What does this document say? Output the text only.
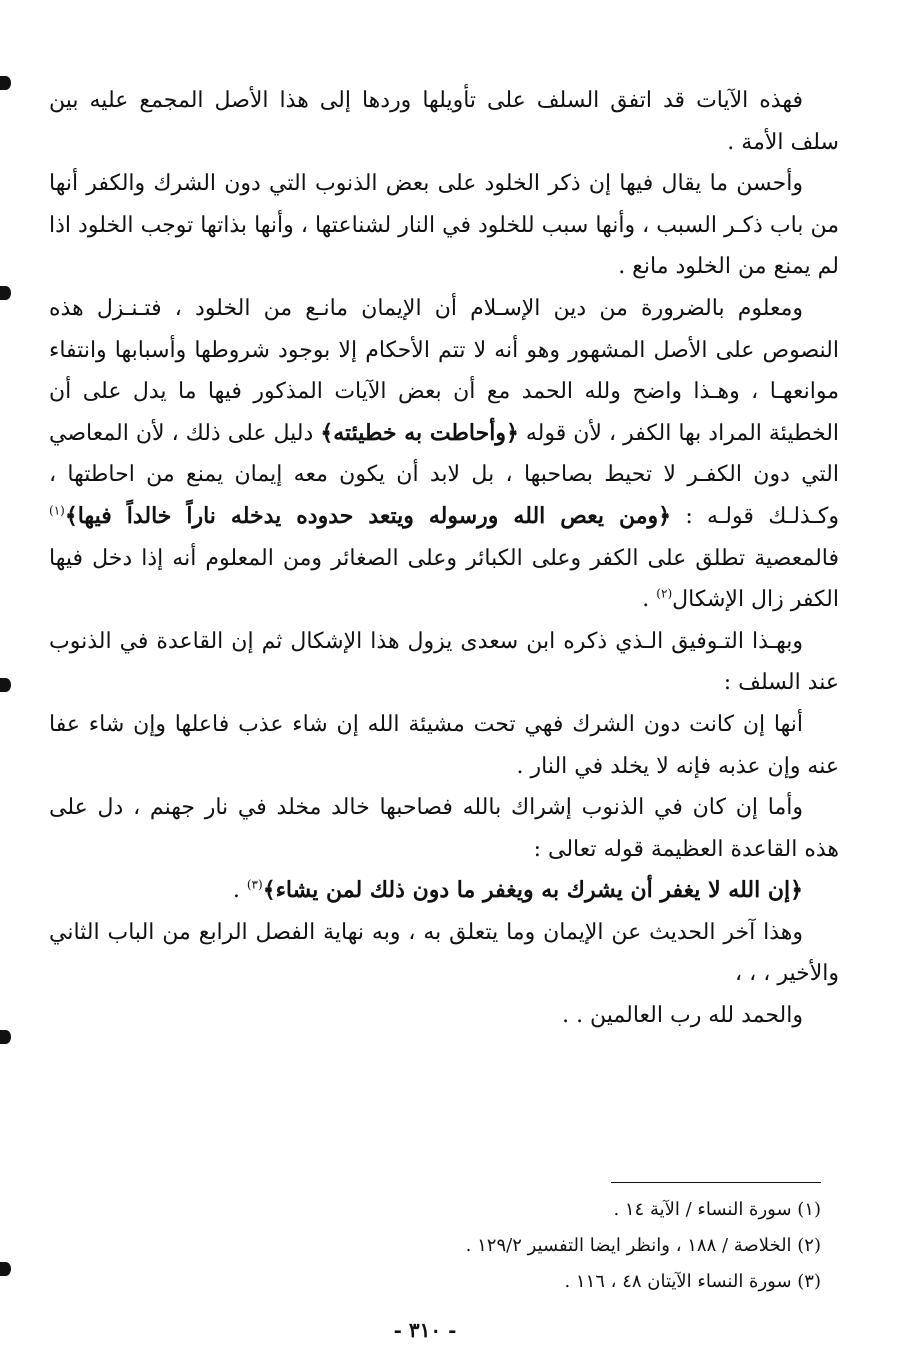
فهذه الآيات قد اتفق السلف على تأويلها وردها إلى هذا الأصل المجمع عليه بين سلف الأمة .

وأحسن ما يقال فيها إن ذكر الخلود على بعض الذنوب التي دون الشرك والكفر أنها من باب ذكـر السبب ، وأنها سبب للخلود في النار لشناعتها ، وأنها بذاتها توجب الخلود اذا لم يمنع من الخلود مانع .

ومعلوم بالضرورة من دين الإسـلام أن الإيمان مانـع من الخلود ، فتـنـزل هذه النصوص على الأصل المشهور وهو أنه لا تتم الأحكام إلا بوجود شروطها وأسبابها وانتفاء موانعهـا ، وهـذا واضح ولله الحمد مع أن بعض الآيات المذكور فيها ما يدل على أن الخطيئة المراد بها الكفر ، لأن قوله ﴿وأحاطت به خطيئته﴾ دليل على ذلك ، لأن المعاصي التي دون الكفـر لا تحيط بصاحبها ، بل لابد أن يكون معه إيمان يمنع من احاطتها ، وكـذلـك قولـه : ﴿ومن يعص الله ورسوله ويتعد حدوده يدخله ناراً خالداً فيها﴾$^{(١)}$ فالمعصية تطلق على الكفر وعلى الكبائر وعلى الصغائر ومن المعلوم أنه إذا دخل فيها الكفر زال الإشكال$^{(٢)}$ .

وبهـذا التـوفيق الـذي ذكره ابن سعدى يزول هذا الإشكال ثم إن القاعدة في الذنوب عند السلف :

أنها إن كانت دون الشرك فهي تحت مشيئة الله إن شاء عذب فاعلها وإن شاء عفا عنه وإن عذبه فإنه لا يخلد في النار .

وأما إن كان في الذنوب إشراك بالله فصاحبها خالد مخلد في نار جهنم ، دل على هذه القاعدة العظيمة قوله تعالى :

﴿إن الله لا يغفر أن يشرك به ويغفر ما دون ذلك لمن يشاء﴾$^{(٣)}$ .

وهذا آخر الحديث عن الإيمان وما يتعلق به ، وبه نهاية الفصل الرابع من الباب الثاني والأخير ، ، ،

والحمد لله رب العالمين . .

(١) سورة النساء / الآية ١٤ .
(٢) الخلاصة / ١٨٨ ، وانظر ايضا التفسير ١٢٩/٢ .
(٣) سورة النساء الآيتان ٤٨ ، ١١٦ .
- ٣١٠ -
